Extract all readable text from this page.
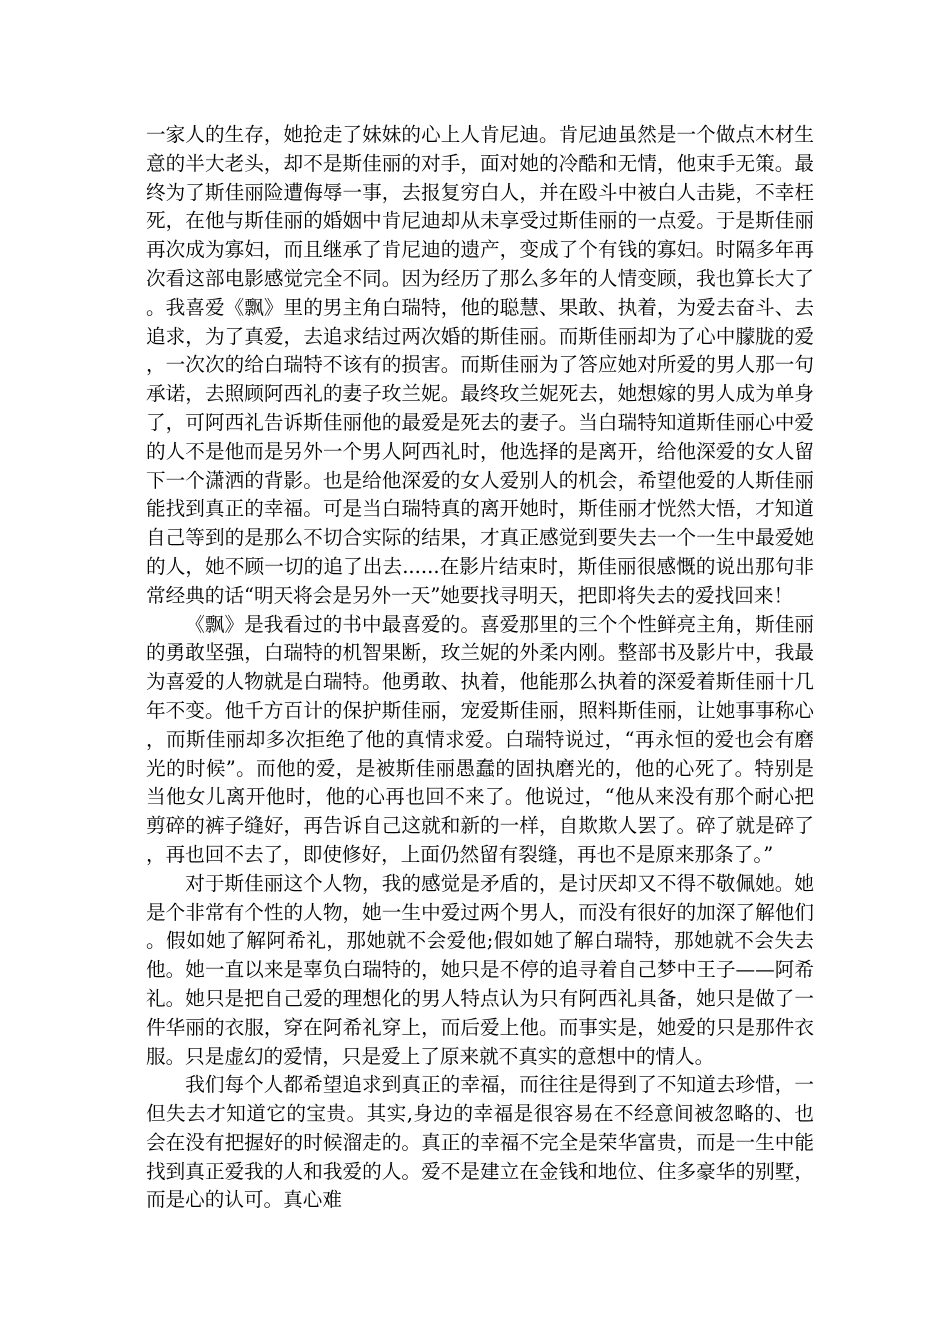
一家人的生存，她抢走了妹妹的心上人肯尼迪。肯尼迪虽然是一个做点木材生意的半大老头，却不是斯佳丽的对手，面对她的冷酷和无情，他束手无策。最终为了斯佳丽险遭侮辱一事，去报复穷白人，并在殴斗中被白人击毙，不幸枉死，在他与斯佳丽的婚姻中肯尼迪却从未享受过斯佳丽的一点爱。于是斯佳丽再次成为寡妇，而且继承了肯尼迪的遗产，变成了个有钱的寡妇。时隔多年再次看这部电影感觉完全不同。因为经历了那么多年的人情变顾，我也算长大了。我喜爱《飘》里的男主角白瑞特，他的聪慧、果敢、执着，为爱去奋斗、去追求，为了真爱，去追求结过两次婚的斯佳丽。而斯佳丽却为了心中朦胧的爱，一次次的给白瑞特不该有的损害。而斯佳丽为了答应她对所爱的男人那一句承诺，去照顾阿西礼的妻子玫兰妮。最终玫兰妮死去，她想嫁的男人成为单身了，可阿西礼告诉斯佳丽他的最爱是死去的妻子。当白瑞特知道斯佳丽心中爱的人不是他而是另外一个男人阿西礼时，他选择的是离开，给他深爱的女人留下一个潇洒的背影。也是给他深爱的女人爱别人的机会，希望他爱的人斯佳丽能找到真正的幸福。可是当白瑞特真的离开她时，斯佳丽才恍然大悟，才知道自己等到的是那么不切合实际的结果，才真正感觉到要失去一个一生中最爱她的人，她不顾一切的追了出去......在影片结束时，斯佳丽很感慨的说出那句非常经典的话“明天将会是另外一天”她要找寻明天，把即将失去的爱找回来！

《飘》是我看过的书中最喜爱的。喜爱那里的三个个性鲜亮主角，斯佳丽的勇敢坚强，白瑞特的机智果断，玫兰妮的外柔内刚。整部书及影片中，我最为喜爱的人物就是白瑞特。他勇敢、执着，他能那么执着的深爱着斯佳丽十几年不变。他千方百计的保护斯佳丽，宠爱斯佳丽，照料斯佳丽，让她事事称心，而斯佳丽却多次拒绝了他的真情求爱。白瑞特说过，“再永恒的爱也会有磨光的时候”。而他的爱，是被斯佳丽愚蠢的固执磨光的，他的心死了。特别是当他女儿离开他时，他的心再也回不来了。他说过，“他从来没有那个耐心把剪碎的裤子缝好，再告诉自己这就和新的一样，自欺欺人罢了。碎了就是碎了，再也回不去了，即使修好，上面仍然留有裂缝，再也不是原来那条了。”

对于斯佳丽这个人物，我的感觉是矛盾的，是讨厌却又不得不敬佩她。她是个非常有个性的人物，她一生中爱过两个男人，而没有很好的加深了解他们。假如她了解阿希礼，那她就不会爱他;假如她了解白瑞特，那她就不会失去他。她一直以来是辜负白瑞特的，她只是不停的追寻着自己梦中王子——阿希礼。她只是把自己爱的理想化的男人特点认为只有阿西礼具备，她只是做了一件华丽的衣服，穿在阿希礼穿上，而后爱上他。而事实是，她爱的只是那件衣服。只是虚幻的爱情，只是爱上了原来就不真实的意想中的情人。

我们每个人都希望追求到真正的幸福，而往往是得到了不知道去珍惜，一但失去才知道它的宝贵。其实,身边的幸福是很容易在不经意间被忽略的、也会在没有把握好的时候溜走的。真正的幸福不完全是荣华富贵，而是一生中能找到真正爱我的人和我爱的人。爱不是建立在金钱和地位、住多豪华的别墅，而是心的认可。真心难
